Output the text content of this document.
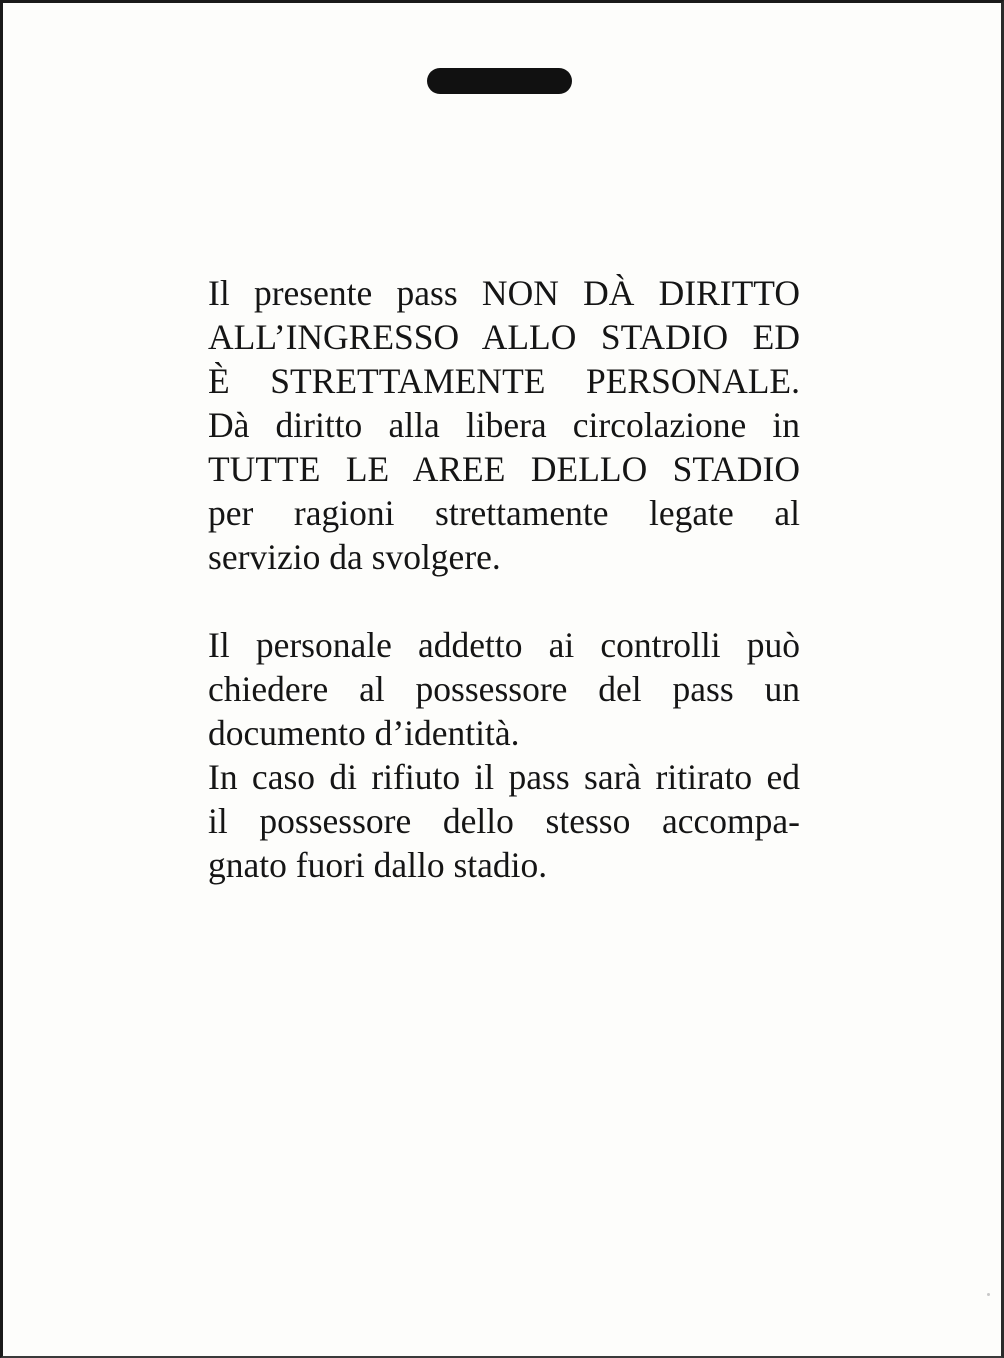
Il presente pass NON DÀ DIRITTO
ALL’INGRESSO ALLO STADIO ED
È STRETTAMENTE PERSONALE.
Dà diritto alla libera circolazione in
TUTTE LE AREE DELLO STADIO
per ragioni strettamente legate al
servizio da svolgere.

Il personale addetto ai controlli può
chiedere al possessore del pass un
documento d’identità.
In caso di rifiuto il pass sarà ritirato ed
il possessore dello stesso accompa-
gnato fuori dallo stadio.
